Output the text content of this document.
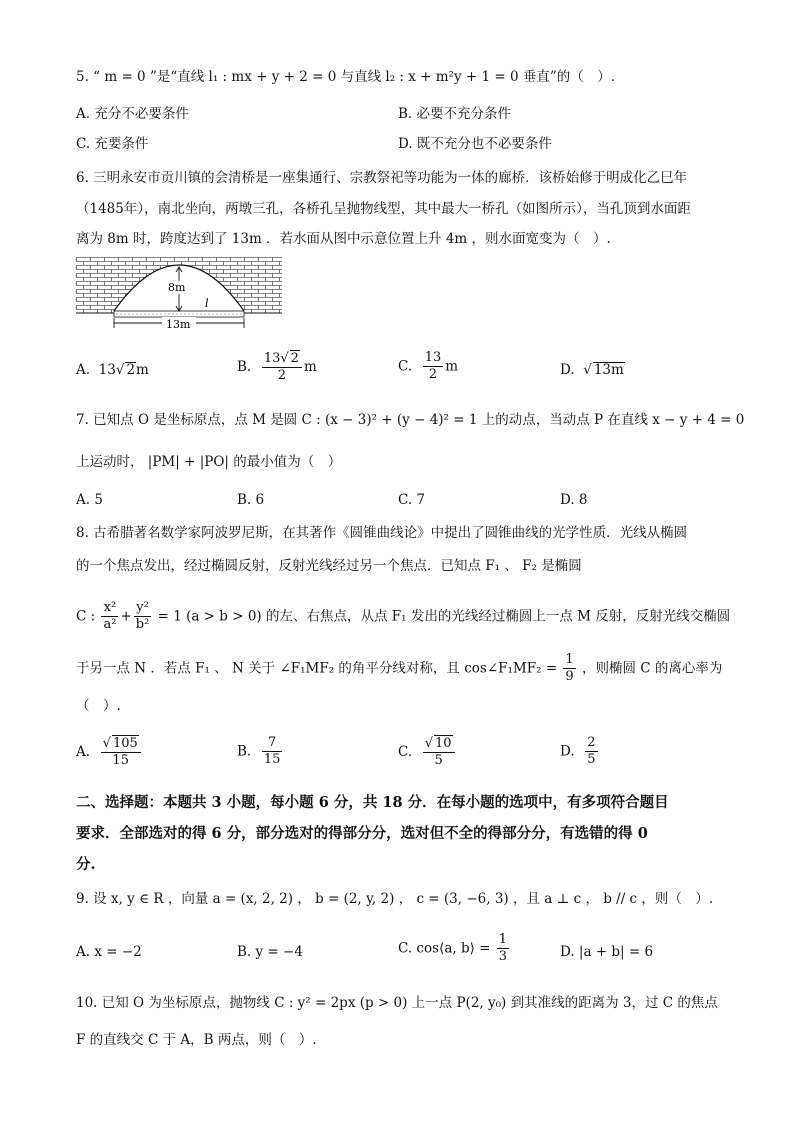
5. “ m = 0 ”是“直线 l₁ : mx + y + 2 = 0 与直线 l₂ : x + m²y + 1 = 0 垂直”的（　）.
A. 充分不必要条件	B. 必要不充分条件
C. 充要条件	D. 既不充分也不必要条件
6. 三明永安市贡川镇的会清桥是一座集通行、宗教祭祀等功能为一体的廊桥．该桥始修于明成化乙巳年
（1485年），南北坐向，两墩三孔，各桥孔呈抛物线型，其中最大一桥孔（如图所示），当孔顶到水面距
离为 8m 时，跨度达到了 13m ．若水面从图中示意位置上升 4m ，则水面宽变为（　）.
8m
l
13m
A. 13√ 2m	B. $\frac{13√ 2}{2}$ m	C. $\frac{13}{2}$ m	D.  √ 13m
7. 已知点 O 是坐标原点，点 M 是圆 C : (x − 3)² + (y − 4)² = 1 上的动点，当动点 P 在直线 x − y + 4 = 0
上运动时， |PM| + |PO| 的最小值为（　）
A. 5	B. 6	C. 7	D. 8
8. 古希腊著名数学家阿波罗尼斯，在其著作《圆锥曲线论》中提出了圆锥曲线的光学性质．光线从椭圆
的一个焦点发出，经过椭圆反射，反射光线经过另一个焦点．已知点 F₁ 、 F₂ 是椭圆
C : $\frac{\text{x²}}{\text{a²}} + \frac{\text{y²}}{\text{b²}} = 1$ (a > b > 0) 的左、右焦点，从点 F₁ 发出的光线经过椭圆上一点 M 反射，反射光线交椭圆
于另一点 N ．若点 F₁ 、 N 关于 ∠F₁MF₂ 的角平分线对称，且 cos∠F₁MF₂ = $\frac{1}{9}$ ，则椭圆 C 的离心率为
（　）.
A. $\frac{√ 105}{15}$	B. $\frac{7}{15}$	C. $\frac{√ 10}{5}$	D. $\frac{2}{5}$
二、选择题：本题共 3 小题，每小题 6 分，共 18 分．在每小题的选项中，有多项符合题目
要求．全部选对的得 6 分，部分选对的得部分分，选对但不全的得部分分，有选错的得 0
分.
9. 设 x, y ∈ R ，向量 a = (x, 2, 2) ， b = (2, y, 2) ， c = (3, −6, 3) ，且 a ⊥ c ， b // c ，则（　）.
A. x = −2	B. y = −4	C. cos⟨a, b⟩ = $\frac{1}{3}$	D. |a + b| = 6
10. 已知 O 为坐标原点，抛物线 C : y² = 2px (p > 0) 上一点 P(2, y₀) 到其准线的距离为 3，过 C 的焦点
F 的直线交 C 于 A，B 两点，则（　）.
